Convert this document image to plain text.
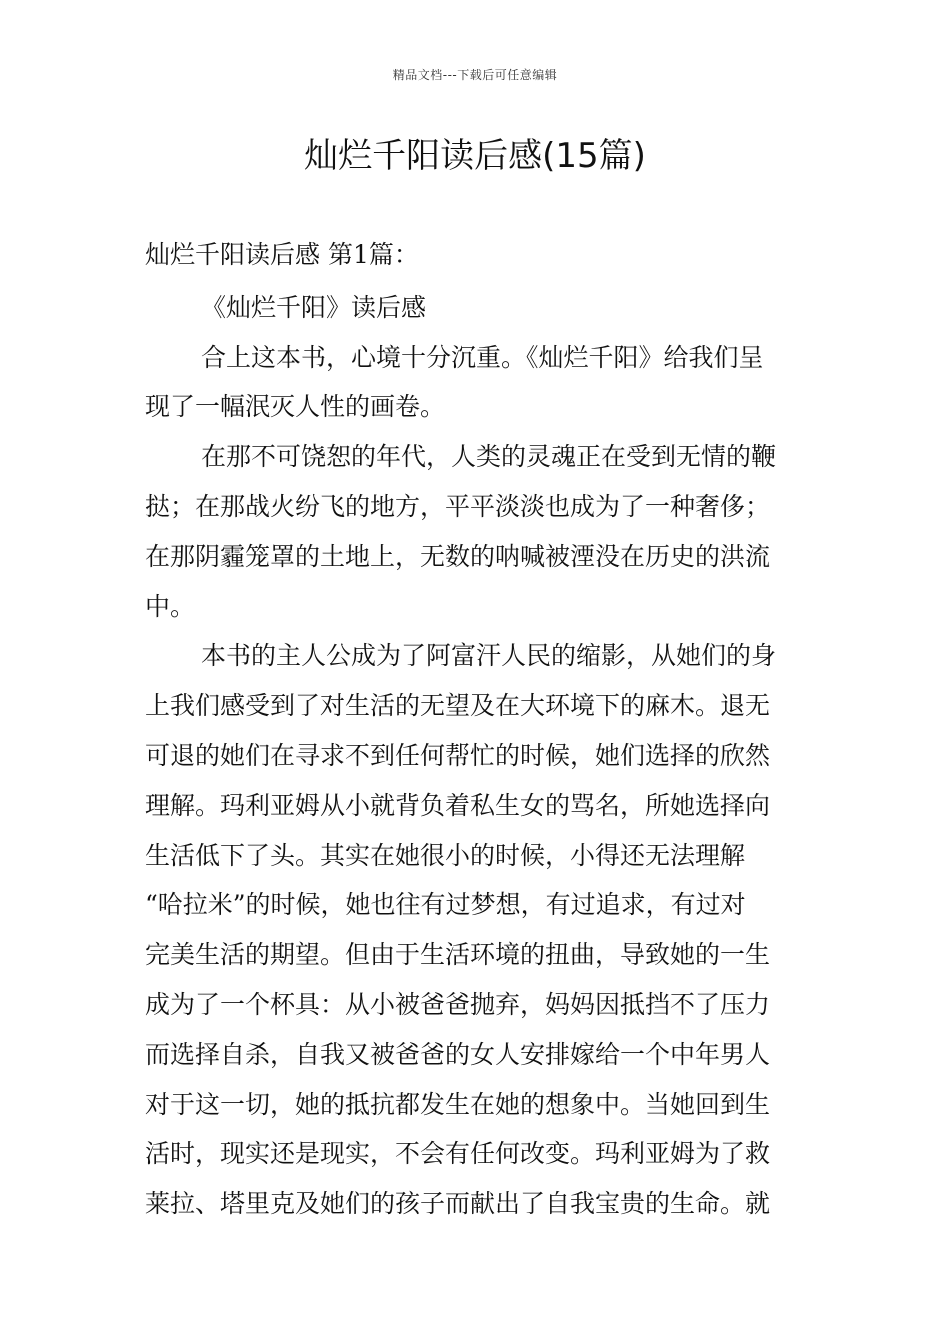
精品文档---下载后可任意编辑
灿烂千阳读后感(15篇)
灿烂千阳读后感 第1篇：
《灿烂千阳》读后感
合上这本书，心境十分沉重。《灿烂千阳》给我们呈
现了一幅泯灭人性的画卷。
在那不可饶恕的年代，人类的灵魂正在受到无情的鞭
挞；在那战火纷飞的地方，平平淡淡也成为了一种奢侈；
在那阴霾笼罩的土地上，无数的呐喊被湮没在历史的洪流
中。
本书的主人公成为了阿富汗人民的缩影，从她们的身
上我们感受到了对生活的无望及在大环境下的麻木。退无
可退的她们在寻求不到任何帮忙的时候，她们选择的欣然
理解。玛利亚姆从小就背负着私生女的骂名，所她选择向
生活低下了头。其实在她很小的时候，小得还无法理解
“哈拉米”的时候，她也往有过梦想，有过追求，有过对
完美生活的期望。但由于生活环境的扭曲，导致她的一生
成为了一个杯具：从小被爸爸抛弃，妈妈因抵挡不了压力
而选择自杀，自我又被爸爸的女人安排嫁给一个中年男人
对于这一切，她的抵抗都发生在她的想象中。当她回到生
活时，现实还是现实，不会有任何改变。玛利亚姆为了救
莱拉、塔里克及她们的孩子而献出了自我宝贵的生命。就
